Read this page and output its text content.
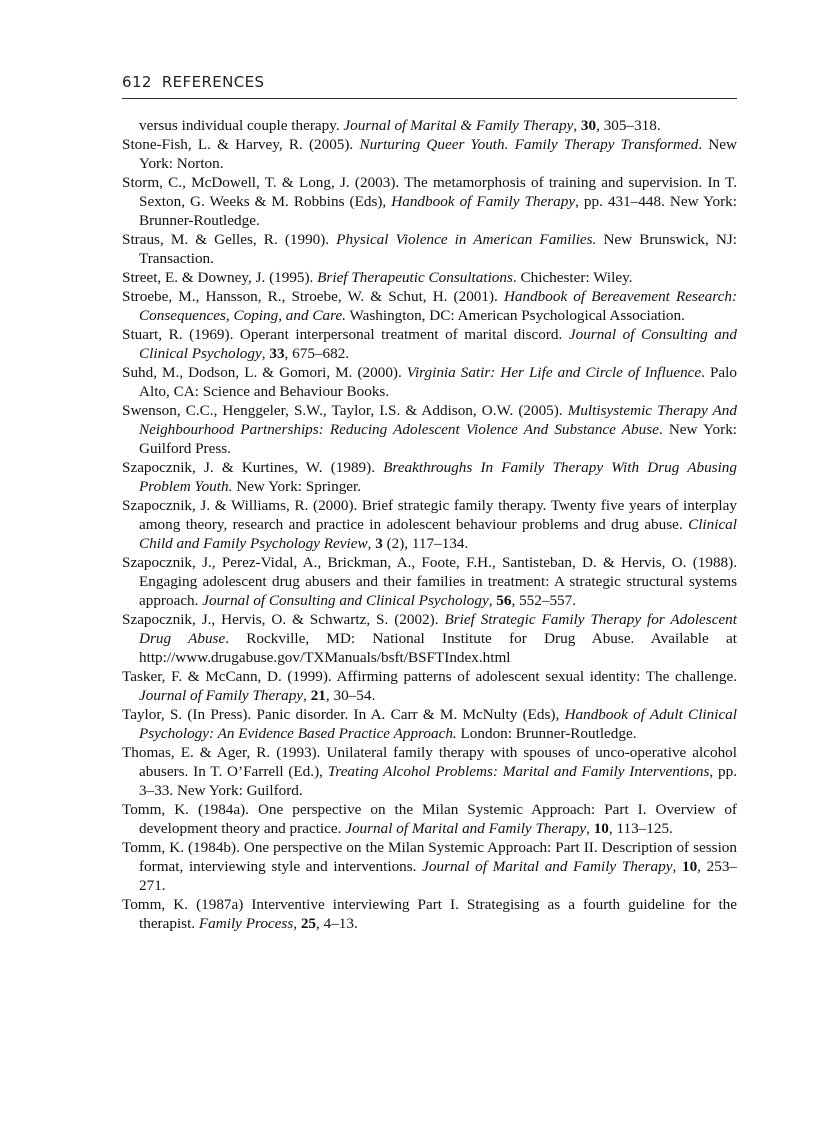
612 REFERENCES

versus individual couple therapy. Journal of Marital & Family Therapy, 30, 305–318.

Stone-Fish, L. & Harvey, R. (2005). Nurturing Queer Youth. Family Therapy Transformed. New York: Norton.

Storm, C., McDowell, T. & Long, J. (2003). The metamorphosis of training and supervision. In T. Sexton, G. Weeks & M. Robbins (Eds), Handbook of Family Therapy, pp. 431–448. New York: Brunner-Routledge.

Straus, M. & Gelles, R. (1990). Physical Violence in American Families. New Brunswick, NJ: Transaction.

Street, E. & Downey, J. (1995). Brief Therapeutic Consultations. Chichester: Wiley.

Stroebe, M., Hansson, R., Stroebe, W. & Schut, H. (2001). Handbook of Bereavement Research: Consequences, Coping, and Care. Washington, DC: American Psychological Association.

Stuart, R. (1969). Operant interpersonal treatment of marital discord. Journal of Consulting and Clinical Psychology, 33, 675–682.

Suhd, M., Dodson, L. & Gomori, M. (2000). Virginia Satir: Her Life and Circle of Influence. Palo Alto, CA: Science and Behaviour Books.

Swenson, C.C., Henggeler, S.W., Taylor, I.S. & Addison, O.W. (2005). Multisystemic Therapy And Neighbourhood Partnerships: Reducing Adolescent Violence And Substance Abuse. New York: Guilford Press.

Szapocznik, J. & Kurtines, W. (1989). Breakthroughs In Family Therapy With Drug Abusing Problem Youth. New York: Springer.

Szapocznik, J. & Williams, R. (2000). Brief strategic family therapy. Twenty five years of interplay among theory, research and practice in adolescent behaviour problems and drug abuse. Clinical Child and Family Psychology Review, 3 (2), 117–134.

Szapocznik, J., Perez-Vidal, A., Brickman, A., Foote, F.H., Santisteban, D. & Hervis, O. (1988). Engaging adolescent drug abusers and their families in treatment: A strategic structural systems approach. Journal of Consulting and Clinical Psychology, 56, 552–557.

Szapocznik, J., Hervis, O. & Schwartz, S. (2002). Brief Strategic Family Therapy for Adolescent Drug Abuse. Rockville, MD: National Institute for Drug Abuse. Available at http://www.drugabuse.gov/TXManuals/bsft/BSFTIndex.html

Tasker, F. & McCann, D. (1999). Affirming patterns of adolescent sexual identity: The challenge. Journal of Family Therapy, 21, 30–54.

Taylor, S. (In Press). Panic disorder. In A. Carr & M. McNulty (Eds), Handbook of Adult Clinical Psychology: An Evidence Based Practice Approach. London: Brunner-Routledge.

Thomas, E. & Ager, R. (1993). Unilateral family therapy with spouses of unco-operative alcohol abusers. In T. O’Farrell (Ed.), Treating Alcohol Problems: Marital and Family Interventions, pp. 3–33. New York: Guilford.

Tomm, K. (1984a). One perspective on the Milan Systemic Approach: Part I. Overview of development theory and practice. Journal of Marital and Family Therapy, 10, 113–125.

Tomm, K. (1984b). One perspective on the Milan Systemic Approach: Part II. Description of session format, interviewing style and interventions. Journal of Marital and Family Therapy, 10, 253–271.

Tomm, K. (1987a) Interventive interviewing Part I. Strategising as a fourth guideline for the therapist. Family Process, 25, 4–13.
